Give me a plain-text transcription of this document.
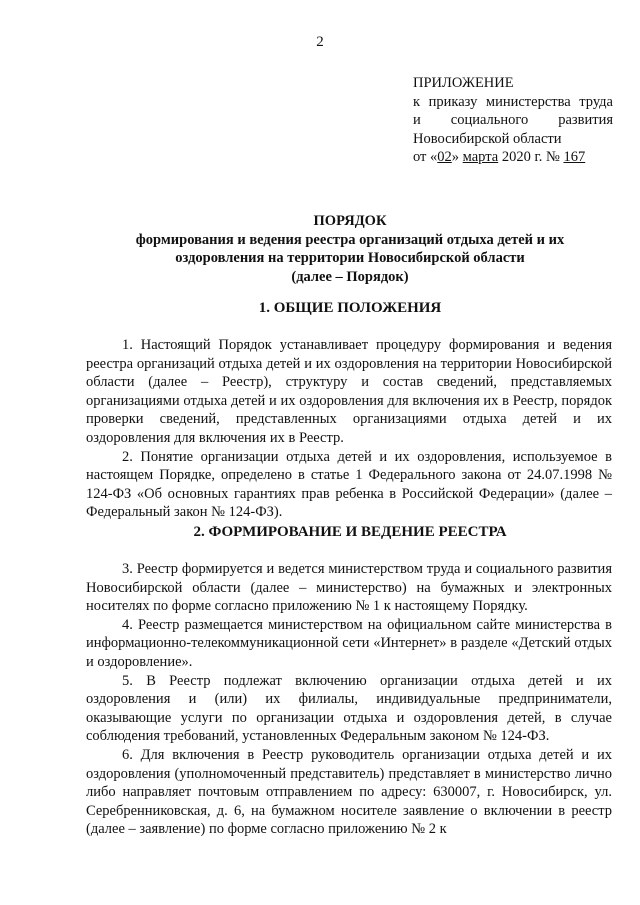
2
ПРИЛОЖЕНИЕ
к приказу министерства труда
и социального развития
Новосибирской области
от «02» марта 2020 г. № 167
ПОРЯДОК
формирования и ведения реестра организаций отдыха детей и их
оздоровления на территории Новосибирской области
(далее – Порядок)
1. ОБЩИЕ ПОЛОЖЕНИЯ

1. Настоящий Порядок устанавливает процедуру формирования и ведения реестра организаций отдыха детей и их оздоровления на территории Новосибирской области (далее – Реестр), структуру и состав сведений, представляемых организациями отдыха детей и их оздоровления для включения их в Реестр, порядок проверки сведений, представленных организациями отдыха детей и их оздоровления для включения их в Реестр.

2. Понятие организации отдыха детей и их оздоровления, используемое в настоящем Порядке, определено в статье 1 Федерального закона от 24.07.1998 № 124-ФЗ «Об основных гарантиях прав ребенка в Российской Федерации» (далее – Федеральный закон № 124-ФЗ).

2. ФОРМИРОВАНИЕ И ВЕДЕНИЕ РЕЕСТРА

3. Реестр формируется и ведется министерством труда и социального развития Новосибирской области (далее – министерство) на бумажных и электронных носителях по форме согласно приложению № 1 к настоящему Порядку.

4. Реестр размещается министерством на официальном сайте министерства в информационно-телекоммуникационной сети «Интернет» в разделе «Детский отдых и оздоровление».

5. В Реестр подлежат включению организации отдыха детей и их оздоровления и (или) их филиалы, индивидуальные предприниматели, оказывающие услуги по организации отдыха и оздоровления детей, в случае соблюдения требований, установленных Федеральным законом № 124-ФЗ.

6. Для включения в Реестр руководитель организации отдыха детей и их оздоровления (уполномоченный представитель) представляет в министерство лично либо направляет почтовым отправлением по адресу: 630007, г. Новосибирск, ул. Серебренниковская, д. 6, на бумажном носителе заявление о включении в реестр (далее – заявление) по форме согласно приложению № 2 к
